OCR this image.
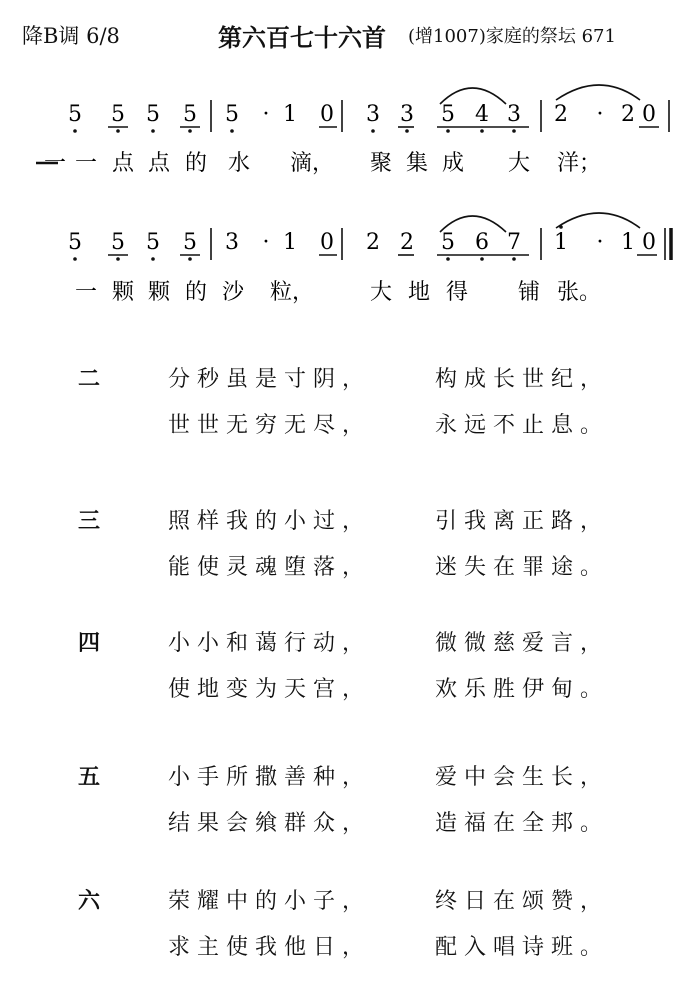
降B调 6/8	第六百七十六首 (增1007)家庭的祭坛 671
5 5 5 5 5 · 1 0 3 3 5 4 3 2 · 2 0
5 5 5 5 3 · 1 0 2 2 5 6 7 1 · 1 0
一 一 点 点 的 水 滴， 聚 集 成 大 洋；
一 颗 颗 的 沙 粒，	大 地 得 铺 张。
二	分秒虽是寸阴，	构成长世纪，
世世无穷无尽，	永远不止息。
三	照样我的小过，	引我离正路，
能使灵魂堕落，	迷失在罪途。
四	小小和蔼行动，	微微慈爱言，
使地变为天宫，	欢乐胜伊甸。
五	小手所撒善种，	爱中会生长，
结果会飨群众，	造福在全邦。
六	荣耀中的小子，	终日在颂赞，
求主使我他日，	配入唱诗班。
